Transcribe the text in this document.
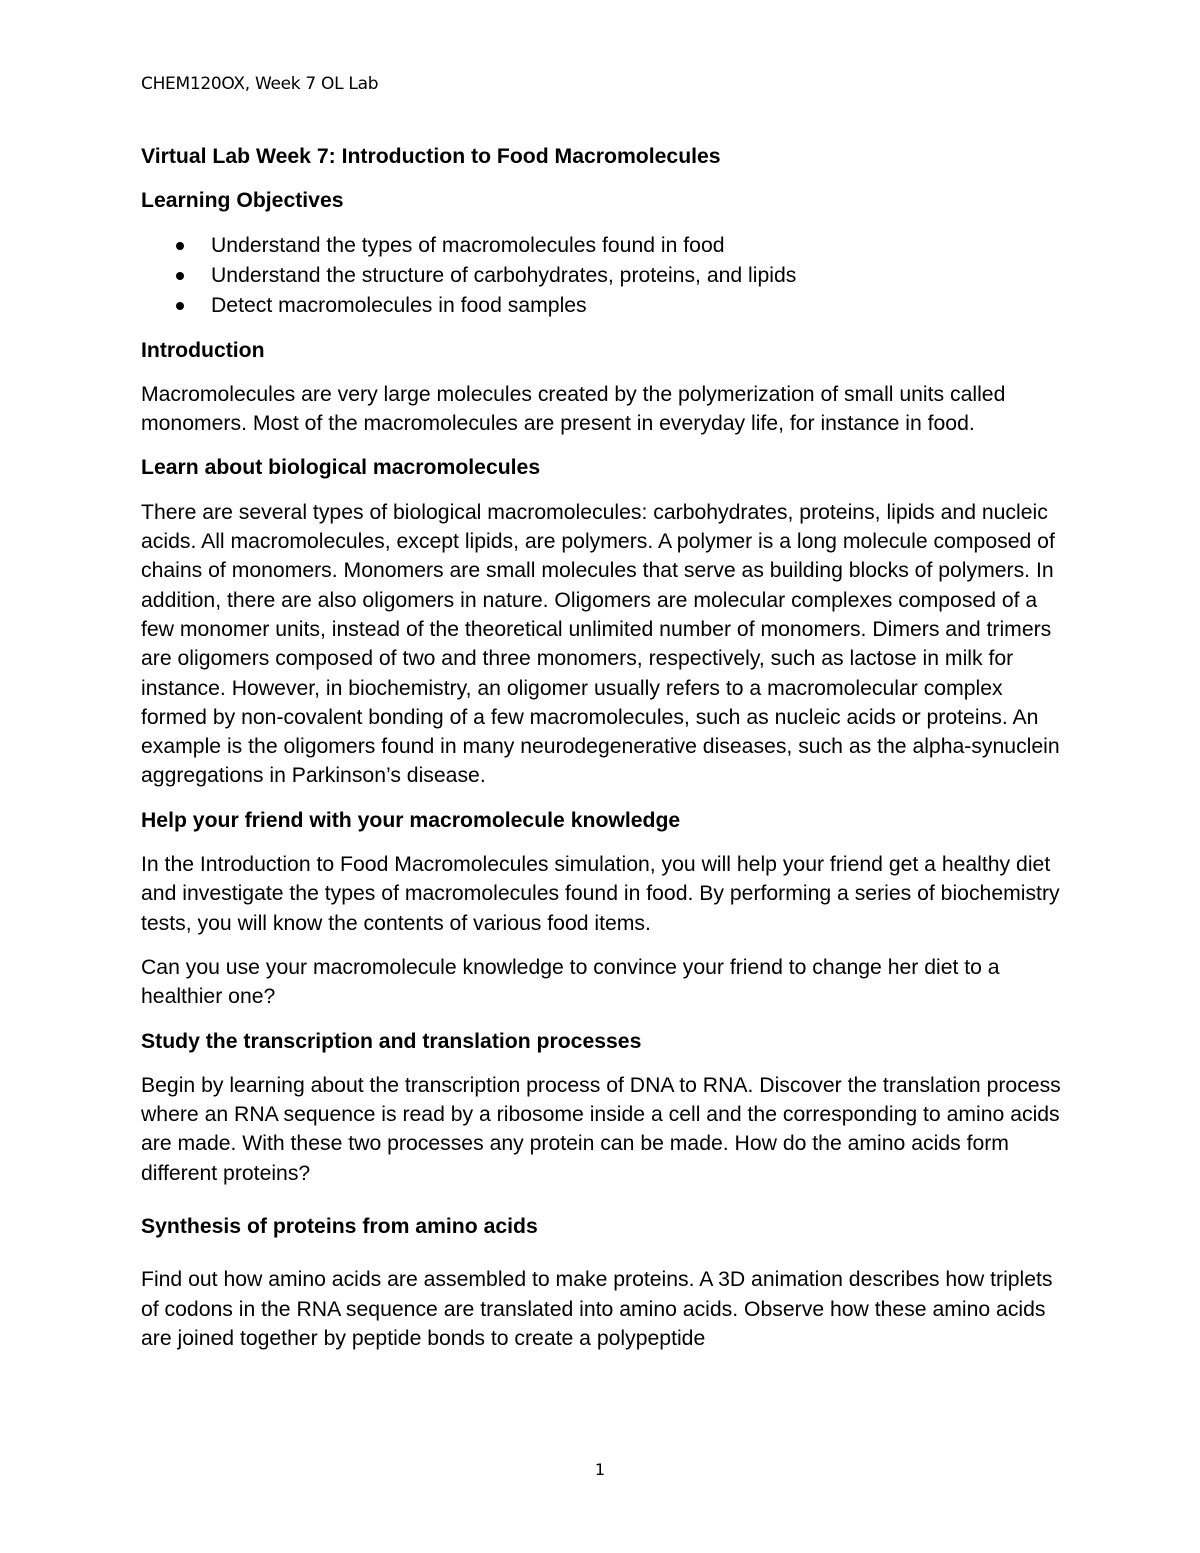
CHEM120OX, Week 7 OL Lab
Virtual Lab Week 7: Introduction to Food Macromolecules
Learning Objectives
Understand the types of macromolecules found in food
Understand the structure of carbohydrates, proteins, and lipids
Detect macromolecules in food samples
Introduction

Macromolecules are very large molecules created by the polymerization of small units called monomers. Most of the macromolecules are present in everyday life, for instance in food.

Learn about biological macromolecules

There are several types of biological macromolecules: carbohydrates, proteins, lipids and nucleic acids. All macromolecules, except lipids, are polymers. A polymer is a long molecule composed of chains of monomers. Monomers are small molecules that serve as building blocks of polymers. In addition, there are also oligomers in nature. Oligomers are molecular complexes composed of a few monomer units, instead of the theoretical unlimited number of monomers. Dimers and trimers are oligomers composed of two and three monomers, respectively, such as lactose in milk for instance. However, in biochemistry, an oligomer usually refers to a macromolecular complex formed by non-covalent bonding of a few macromolecules, such as nucleic acids or proteins. An example is the oligomers found in many neurodegenerative diseases, such as the alpha-synuclein aggregations in Parkinson’s disease.

Help your friend with your macromolecule knowledge

In the Introduction to Food Macromolecules simulation, you will help your friend get a healthy diet and investigate the types of macromolecules found in food. By performing a series of biochemistry tests, you will know the contents of various food items.

Can you use your macromolecule knowledge to convince your friend to change her diet to a healthier one?

Study the transcription and translation processes

Begin by learning about the transcription process of DNA to RNA. Discover the translation process where an RNA sequence is read by a ribosome inside a cell and the corresponding to amino acids are made. With these two processes any protein can be made. How do the amino acids form different proteins?

Synthesis of proteins from amino acids

Find out how amino acids are assembled to make proteins. A 3D animation describes how triplets of codons in the RNA sequence are translated into amino acids. Observe how these amino acids are joined together by peptide bonds to create a polypeptide

1
